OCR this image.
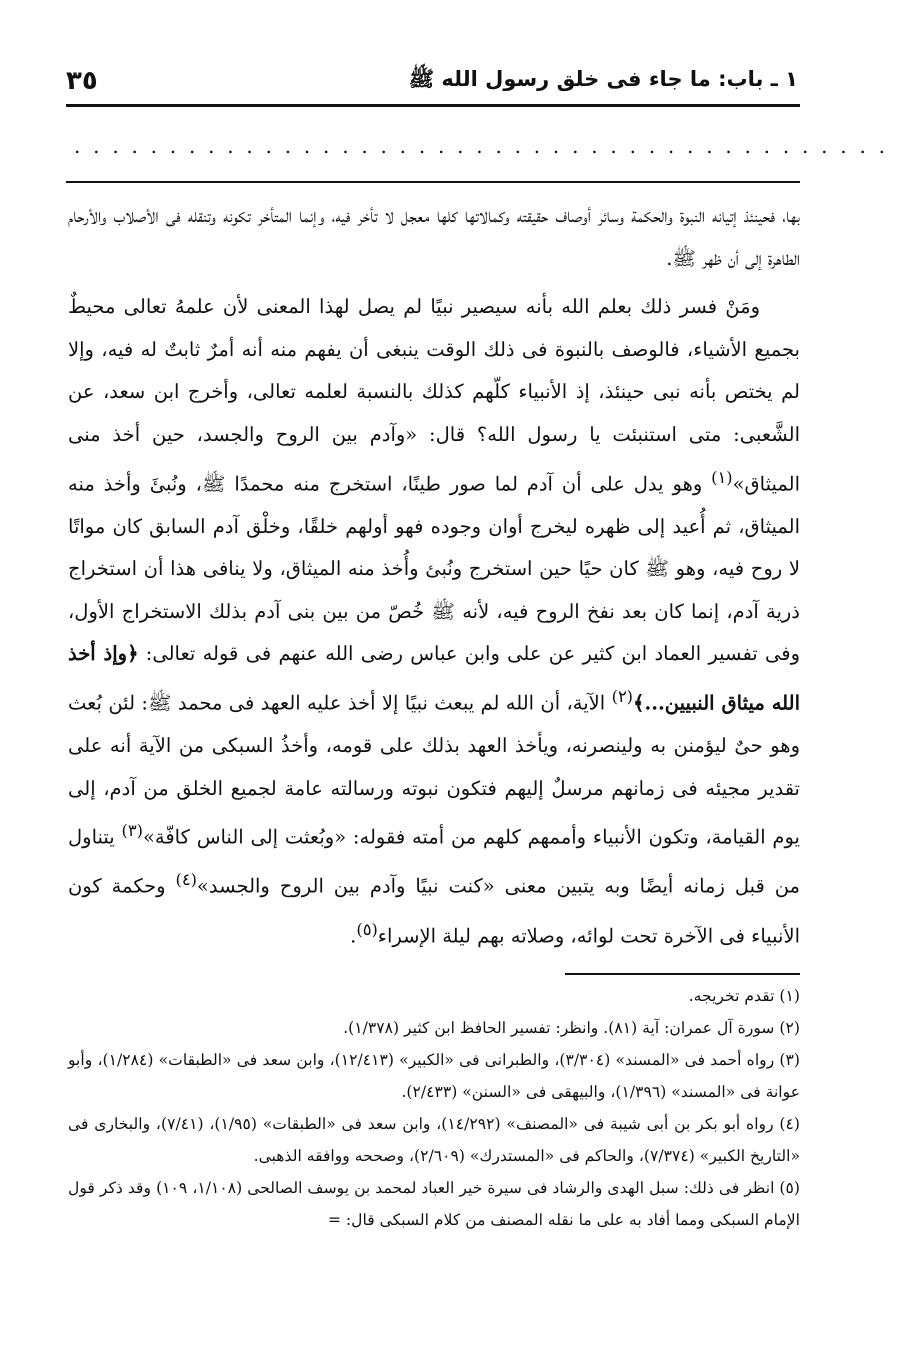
١ ـ باب: ما جاء فى خلق رسول الله ﷺ
٣٥
...........................................

بها، فحينئذ إتيانه النبوة والحكمة وسائر أوصاف حقيقته وكمالاتها كلها معجل لا تأخر فيه، وإنما المتأخر تكونه وتنقله فى الأصلاب والأرحام الطاهرة إلى أن ظهر ﷺ.

ومَنْ فسر ذلك بعلم الله بأنه سيصير نبيًا لم يصل لهذا المعنى لأن علمهُ تعالى محيطٌ بجميع الأشياء، فالوصف بالنبوة فى ذلك الوقت ينبغى أن يفهم منه أنه أمرٌ ثابتٌ له فيه، وإلا لم يختص بأنه نبى حينئذ، إذ الأنبياء كلّهم كذلك بالنسبة لعلمه تعالى، وأخرج ابن سعد، عن الشَّعبى: متى استنبئت يا رسول الله؟ قال: «وآدم بين الروح والجسد، حين أخذ منى الميثاق»$^{(١)}$ وهو يدل على أن آدم لما صور طينًا، استخرج منه محمدًا ﷺ، ونُبئَ وأخذ منه الميثاق، ثم أُعيد إلى ظهره ليخرج أوان وجوده فهو أولهم خلقًا، وخلْق آدم السابق كان مواتًا لا روح فيه، وهو ﷺ كان حيًا حين استخرج ونُبئ وأُخذ منه الميثاق، ولا ينافى هذا أن استخراج ذرية آدم، إنما كان بعد نفخ الروح فيه، لأنه ﷺ خُصّ من بين بنى آدم بذلك الاستخراج الأول، وفى تفسير العماد ابن كثير عن على وابن عباس رضى الله عنهم فى قوله تعالى: ﴿وإذ أخذ الله ميثاق النبيين...﴾$^{(٢)}$ الآية، أن الله لم يبعث نبيًا إلا أخذ عليه العهد فى محمد ﷺ: لئن بُعث وهو حىٌ ليؤمنن به ولينصرنه، ويأخذ العهد بذلك على قومه، وأخذُ السبكى من الآية أنه على تقدير مجيئه فى زمانهم مرسلٌ إليهم فتكون نبوته ورسالته عامة لجميع الخلق من آدم، إلى يوم القيامة، وتكون الأنبياء وأممهم كلهم من أمته فقوله: «وبُعثت إلى الناس كافّة»$^{(٣)}$ يتناول من قبل زمانه أيضًا وبه يتبين معنى «كنت نبيًا وآدم بين الروح والجسد»$^{(٤)}$ وحكمة كون الأنبياء فى الآخرة تحت لوائه، وصلاته بهم ليلة الإسراء$^{(٥)}$.

(١) تقدم تخريجه.

(٢) سورة آل عمران: آية (٨١). وانظر: تفسير الحافظ ابن كثير (١/٣٧٨).

(٣) رواه أحمد فى «المسند» (٣/٣٠٤)، والطبرانى فى «الكبير» (١٢/٤١٣)، وابن سعد فى «الطبقات» (١/٢٨٤)، وأبو عوانة فى «المسند» (١/٣٩٦)، والبيهقى فى «السنن» (٢/٤٣٣).

(٤) رواه أبو بكر بن أبى شيبة فى «المصنف» (١٤/٢٩٢)، وابن سعد فى «الطبقات» (١/٩٥)، (٧/٤١)، والبخارى فى «التاريخ الكبير» (٧/٣٧٤)، والحاكم فى «المستدرك» (٢/٦٠٩)، وصححه ووافقه الذهبى.

(٥) انظر فى ذلك: سبل الهدى والرشاد فى سيرة خير العباد لمحمد بن يوسف الصالحى (١/١٠٨، ١٠٩) وقد ذكر قول الإمام السبكى ومما أفاد به على ما نقله المصنف من كلام السبكى قال: =
